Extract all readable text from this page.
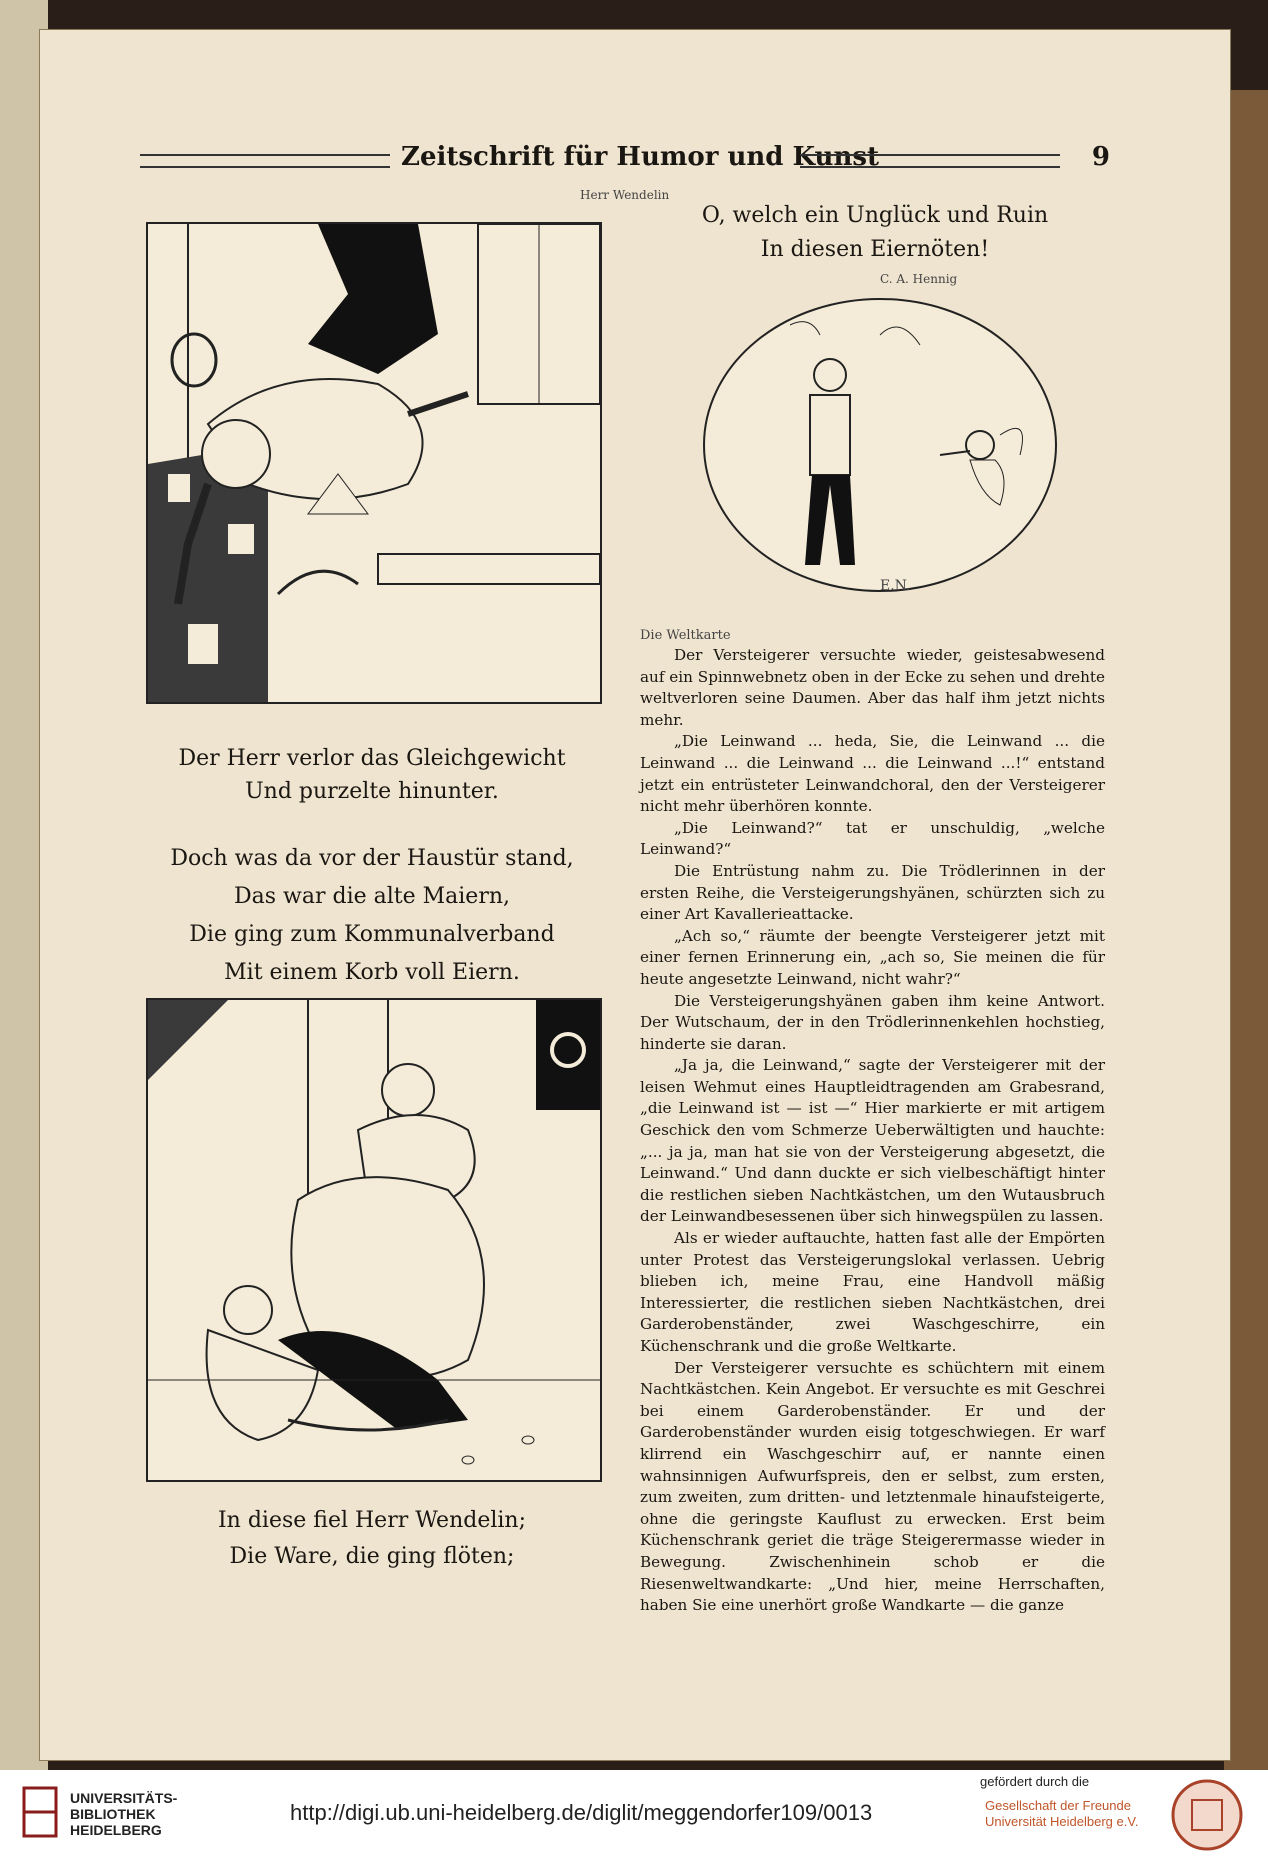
Zeitschrift für Humor und Kunst	9
Herr Wendelin
O, welch ein Unglück und Ruin
In diesen Eiernöten!
C. A. Hennig
E.N.
Der Herr verlor das Gleichgewicht
Und purzelte hinunter.
Doch was da vor der Haustür stand,
Das war die alte Maiern,
Die ging zum Kommunalverband
Mit einem Korb voll Eiern.
In diese fiel Herr Wendelin;
Die Ware, die ging flöten;
Die Weltkarte

Der Versteigerer versuchte wieder, geistesabwesend auf ein Spinnwebnetz oben in der Ecke zu sehen und drehte weltverloren seine Daumen. Aber das half ihm jetzt nichts mehr.

„Die Leinwand ... heda, Sie, die Leinwand ... die Leinwand ... die Leinwand ... die Leinwand ...!“ entstand jetzt ein entrüsteter Leinwandchoral, den der Versteigerer nicht mehr überhören konnte.

„Die Leinwand?“ tat er unschuldig, „welche Leinwand?“

Die Entrüstung nahm zu. Die Trödlerinnen in der ersten Reihe, die Versteigerungshyänen, schürzten sich zu einer Art Kavallerieattacke.

„Ach so,“ räumte der beengte Versteigerer jetzt mit einer fernen Erinnerung ein, „ach so, Sie meinen die für heute angesetzte Leinwand, nicht wahr?“

Die Versteigerungshyänen gaben ihm keine Antwort. Der Wutschaum, der in den Trödlerinnenkehlen hochstieg, hinderte sie daran.

„Ja ja, die Leinwand,“ sagte der Versteigerer mit der leisen Wehmut eines Hauptleidtragenden am Grabesrand, „die Leinwand ist — ist —“ Hier markierte er mit artigem Geschick den vom Schmerze Ueberwältigten und hauchte: „... ja ja, man hat sie von der Versteigerung abgesetzt, die Leinwand.“ Und dann duckte er sich vielbeschäftigt hinter die restlichen sieben Nachtkästchen, um den Wutausbruch der Leinwandbesessenen über sich hinwegspülen zu lassen.

Als er wieder auftauchte, hatten fast alle der Empörten unter Protest das Versteigerungslokal verlassen. Uebrig blieben ich, meine Frau, eine Handvoll mäßig Interessierter, die restlichen sieben Nachtkästchen, drei Garderobenständer, zwei Waschgeschirre, ein Küchenschrank und die große Weltkarte.

Der Versteigerer versuchte es schüchtern mit einem Nachtkästchen. Kein Angebot. Er versuchte es mit Geschrei bei einem Garderobenständer. Er und der Garderobenständer wurden eisig totgeschwiegen. Er warf klirrend ein Waschgeschirr auf, er nannte einen wahnsinnigen Aufwurfspreis, den er selbst, zum ersten, zum zweiten, zum dritten- und letztenmale hinaufsteigerte, ohne die geringste Kauflust zu erwecken. Erst beim Küchenschrank geriet die träge Steigerermasse wieder in Bewegung. Zwischenhinein schob er die Riesenweltwandkarte: „Und hier, meine Herrschaften, haben Sie eine unerhört große Wandkarte — die ganze

UNIVERSITÄTS-
BIBLIOTHEK
HEIDELBERG
http://digi.ub.uni-heidelberg.de/diglit/meggendorfer109/0013
gefördert durch die
Gesellschaft der Freunde
Universität Heidelberg e.V.
